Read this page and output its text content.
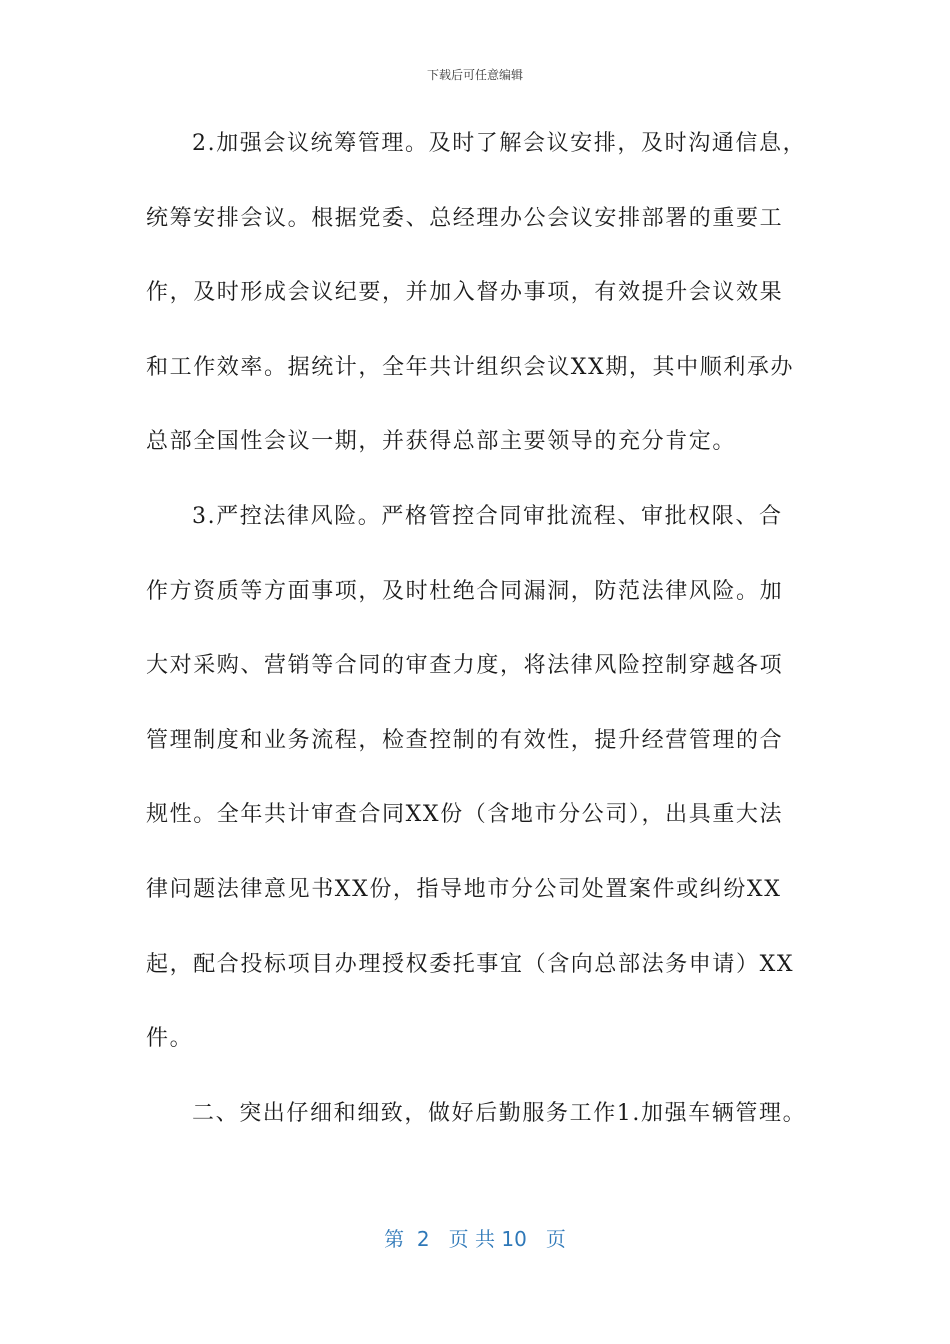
下载后可任意编辑
2.加强会议统筹管理。及时了解会议安排，及时沟通信息，
统筹安排会议。根据党委、总经理办公会议安排部署的重要工
作，及时形成会议纪要，并加入督办事项，有效提升会议效果
和工作效率。据统计，全年共计组织会议XX期，其中顺利承办
总部全国性会议一期，并获得总部主要领导的充分肯定。
3.严控法律风险。严格管控合同审批流程、审批权限、合
作方资质等方面事项，及时杜绝合同漏洞，防范法律风险。加
大对采购、营销等合同的审查力度，将法律风险控制穿越各项
管理制度和业务流程，检查控制的有效性，提升经营管理的合
规性。全年共计审查合同XX份（含地市分公司），出具重大法
律问题法律意见书XX份，指导地市分公司处置案件或纠纷XX
起，配合投标项目办理授权委托事宜（含向总部法务申请）XX
件。
二、突出仔细和细致，做好后勤服务工作1.加强车辆管理。
第  2   页 共 10   页
